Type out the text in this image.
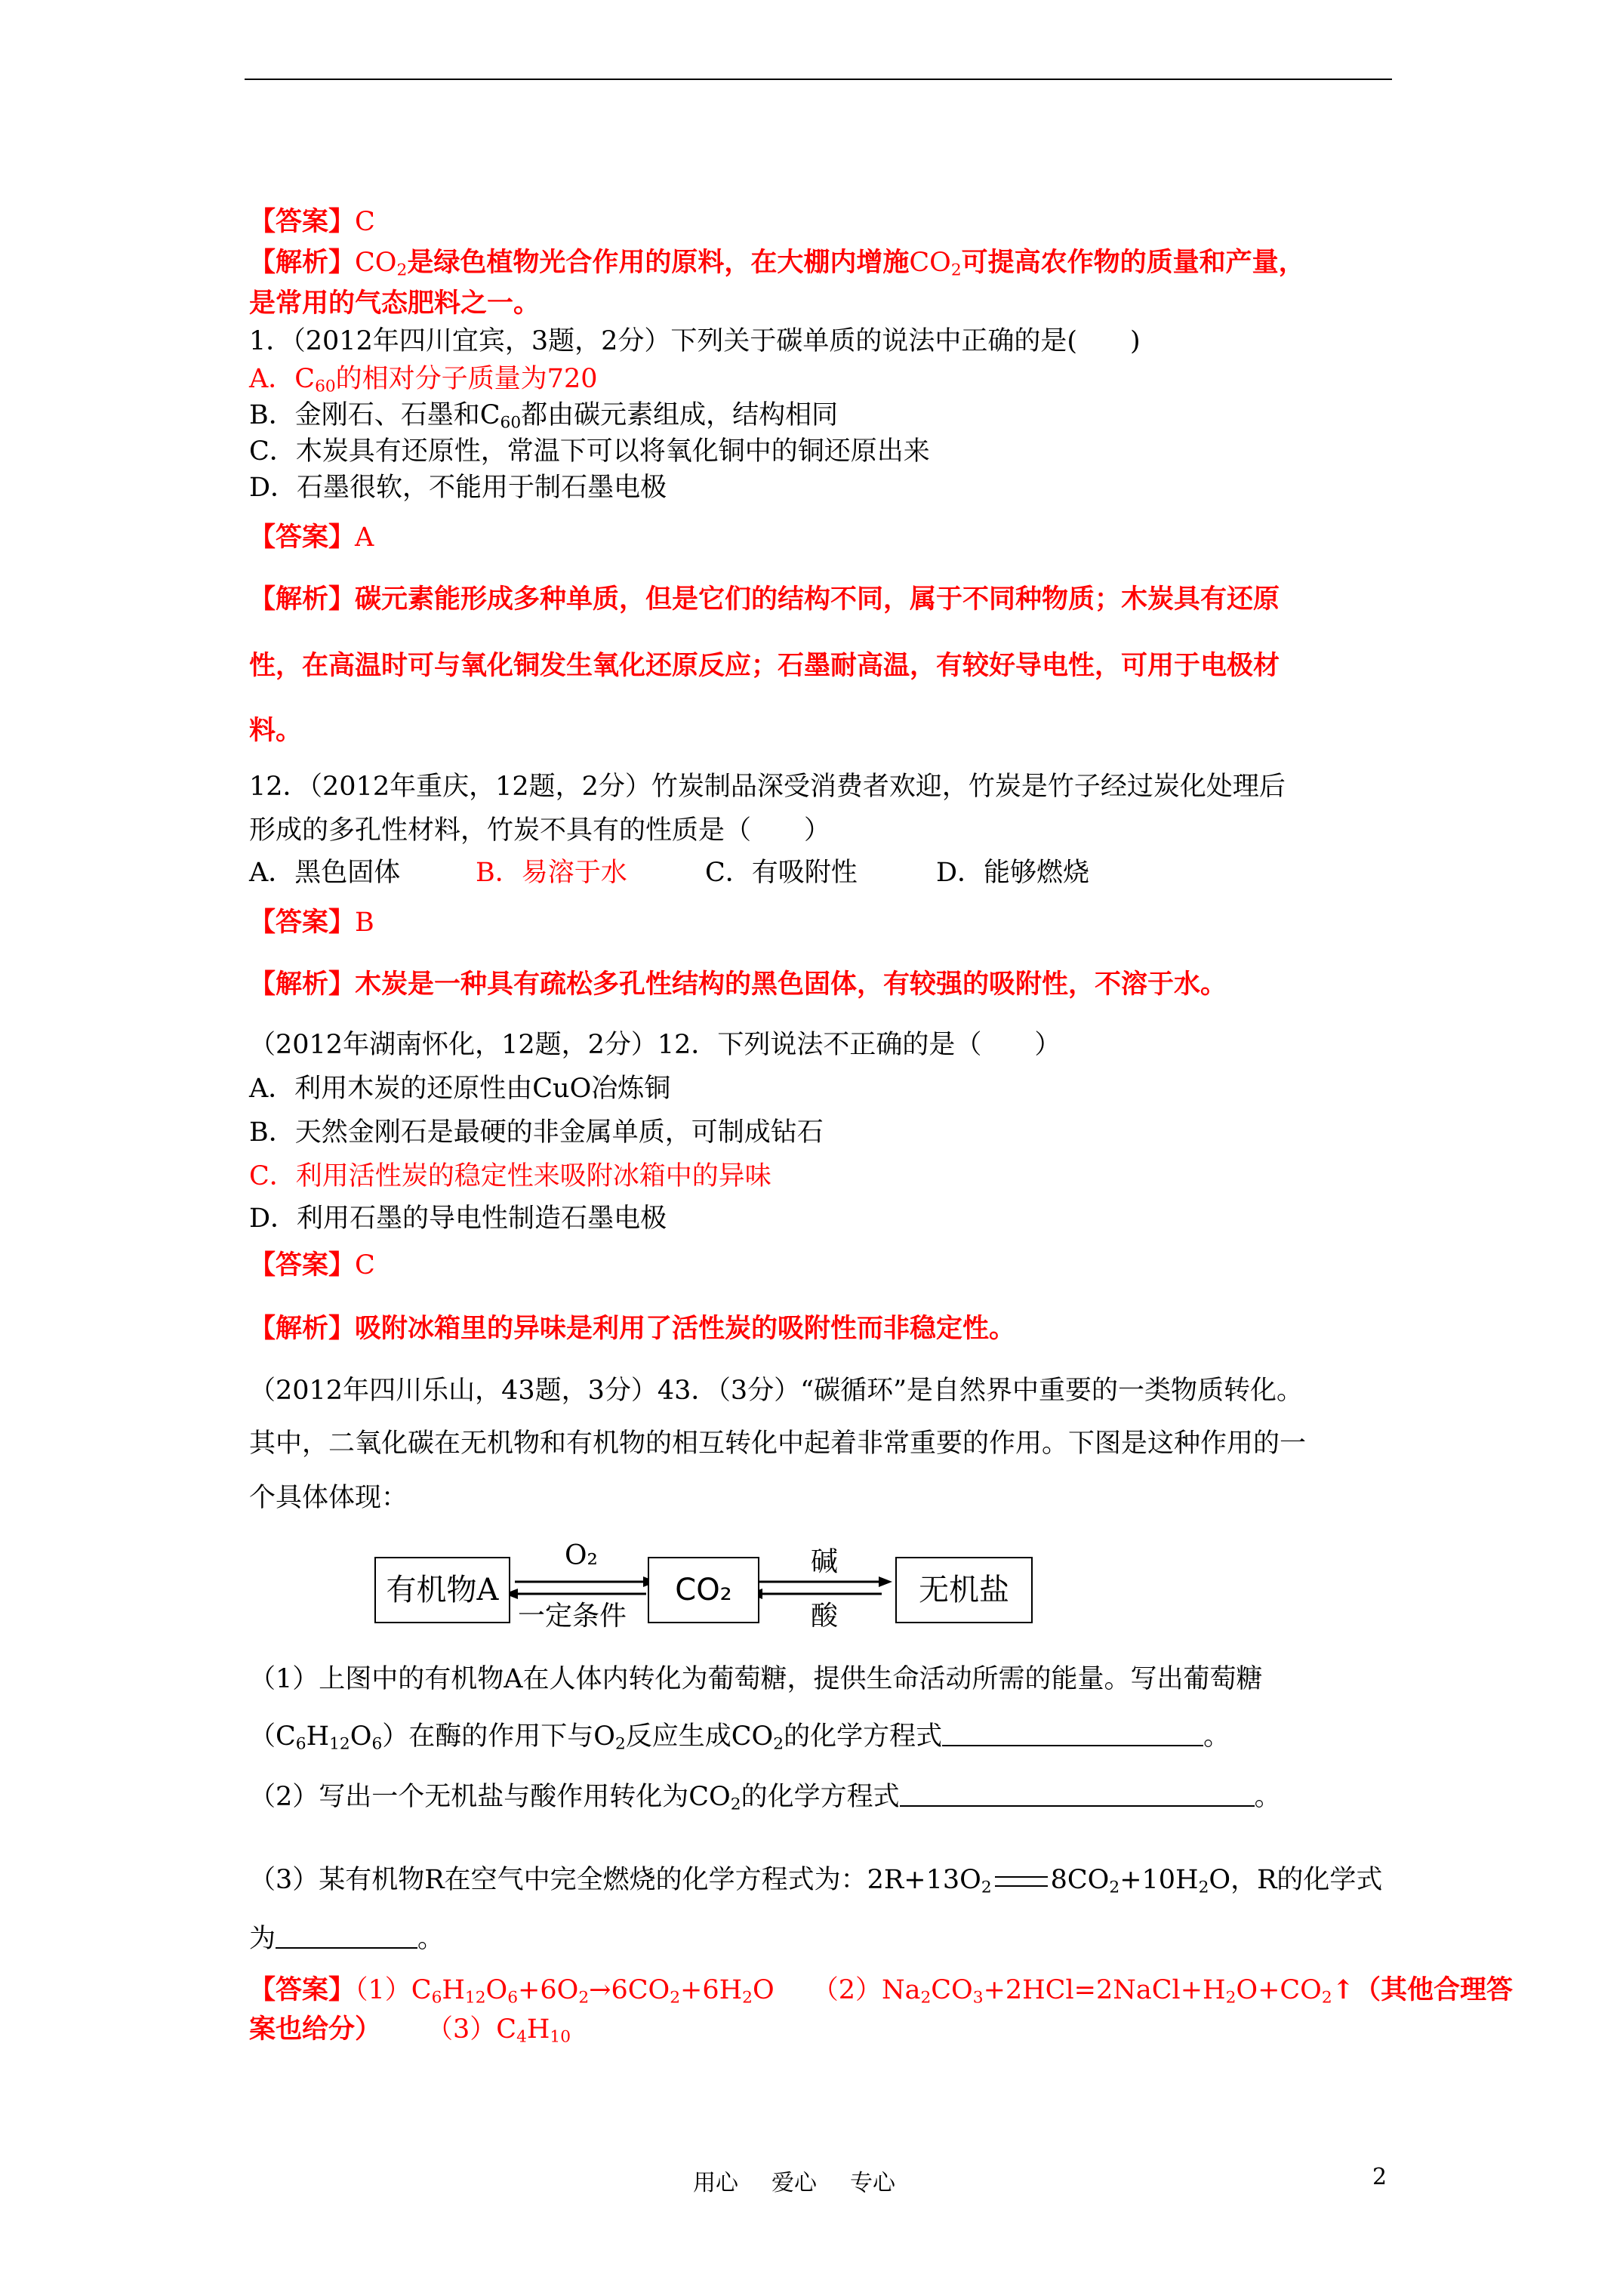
【答案】C
【解析】$CO_2$是绿色植物光合作用的原料，在大棚内增施$CO_2$可提高农作物的质量和产量，
是常用的气态肥料之一。
1．（2012年四川宜宾，3题，2分）下列关于碳单质的说法中正确的是(　　)
A．$C_{60}$的相对分子质量为720
B．金刚石、石墨和$C_{60}$都由碳元素组成，结构相同
C．木炭具有还原性，常温下可以将氧化铜中的铜还原出来
D．石墨很软，不能用于制石墨电极
【答案】A
【解析】碳元素能形成多种单质，但是它们的结构不同，属于不同种物质；木炭具有还原
性，在高温时可与氧化铜发生氧化还原反应；石墨耐高温，有较好导电性，可用于电极材
料。
12．（2012年重庆，12题，2分）竹炭制品深受消费者欢迎，竹炭是竹子经过炭化处理后
形成的多孔性材料，竹炭不具有的性质是（　　）
A．黑色固体	B．易溶于水	C．有吸附性	D．能够燃烧
【答案】B
【解析】木炭是一种具有疏松多孔性结构的黑色固体，有较强的吸附性，不溶于水。
（2012年湖南怀化，12题，2分）12．下列说法不正确的是（　　）
A．利用木炭的还原性由CuO冶炼铜
B．天然金刚石是最硬的非金属单质，可制成钻石
C．利用活性炭的稳定性来吸附冰箱中的异味
D．利用石墨的导电性制造石墨电极
【答案】C
【解析】吸附冰箱里的异味是利用了活性炭的吸附性而非稳定性。
（2012年四川乐山，43题，3分）43．（3分）“碳循环”是自然界中重要的一类物质转化。
其中，二氧化碳在无机物和有机物的相互转化中起着非常重要的作用。下图是这种作用的一
个具体体现：
有机物A	CO₂	无机盐
O₂
一定条件
碱
酸
（1）上图中的有机物A在人体内转化为葡萄糖，提供生命活动所需的能量。写出葡萄糖
$(C_6H_{12}O_6)$在酶的作用下与$O_2$反应生成$CO_2$的化学方程式	。
（2）写出一个无机盐与酸作用转化为$CO_2$的化学方程式	。
（3）某有机物R在空气中完全燃烧的化学方程式为：$2R+13O_2$ $8CO_2+10H_2O$，R的化学式
为	。
【答案】$(1)C_6H_{12}O_6+6O_2\to 6CO_2+6H_2O$ $(2)Na_2CO_3+2HCl=2NaCl+H_2O+CO_2↑$（其他合理答
案也给分） $(3)C_4H_{10}$
用心 爱心 专心	2
